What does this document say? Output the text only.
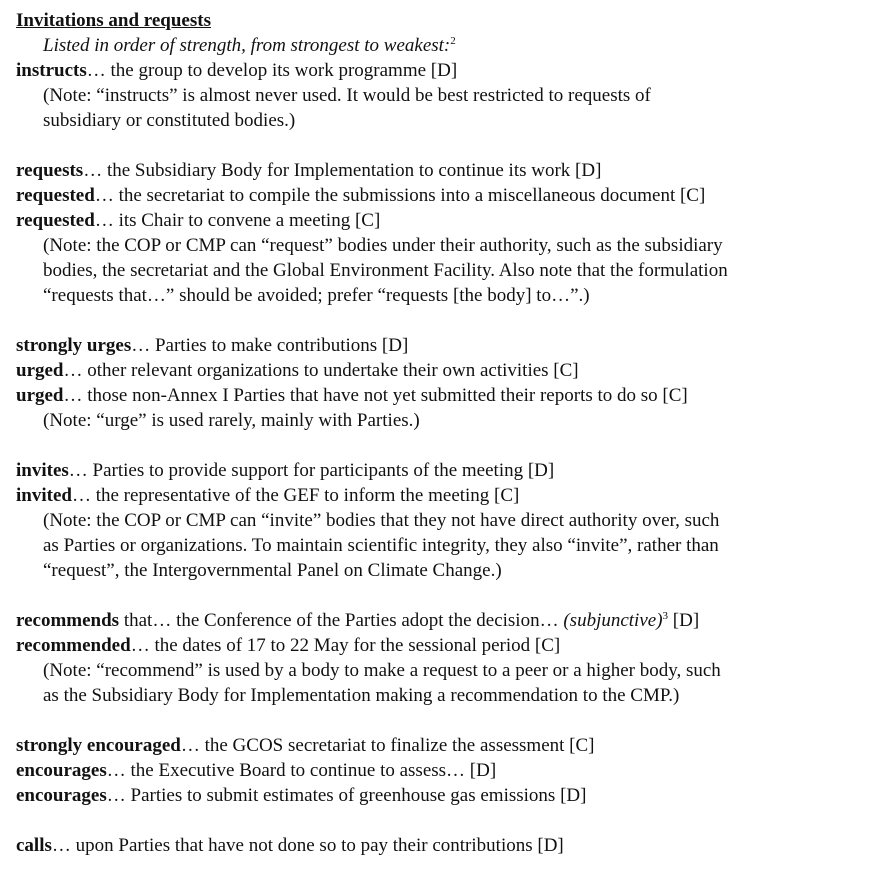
Invitations and requests
Listed in order of strength, from strongest to weakest:$^2$
instructs… the group to develop its work programme [D]
(Note: “instructs” is almost never used. It would be best restricted to requests of
subsidiary or constituted bodies.)
requests… the Subsidiary Body for Implementation to continue its work [D]
requested… the secretariat to compile the submissions into a miscellaneous document [C]
requested… its Chair to convene a meeting [C]
(Note: the COP or CMP can “request” bodies under their authority, such as the subsidiary
bodies, the secretariat and the Global Environment Facility. Also note that the formulation
“requests that…” should be avoided; prefer “requests [the body] to…”.)
strongly urges… Parties to make contributions [D]
urged… other relevant organizations to undertake their own activities [C]
urged… those non-Annex I Parties that have not yet submitted their reports to do so [C]
(Note: “urge” is used rarely, mainly with Parties.)
invites… Parties to provide support for participants of the meeting [D]
invited… the representative of the GEF to inform the meeting [C]
(Note: the COP or CMP can “invite” bodies that they not have direct authority over, such
as Parties or organizations. To maintain scientific integrity, they also “invite”, rather than
“request”, the Intergovernmental Panel on Climate Change.)
recommends that… the Conference of the Parties adopt the decision… (subjunctive)$^3$ [D]
recommended… the dates of 17 to 22 May for the sessional period [C]
(Note: “recommend” is used by a body to make a request to a peer or a higher body, such
as the Subsidiary Body for Implementation making a recommendation to the CMP.)
strongly encouraged… the GCOS secretariat to finalize the assessment [C]
encourages… the Executive Board to continue to assess… [D]
encourages… Parties to submit estimates of greenhouse gas emissions [D]
calls… upon Parties that have not done so to pay their contributions [D]
